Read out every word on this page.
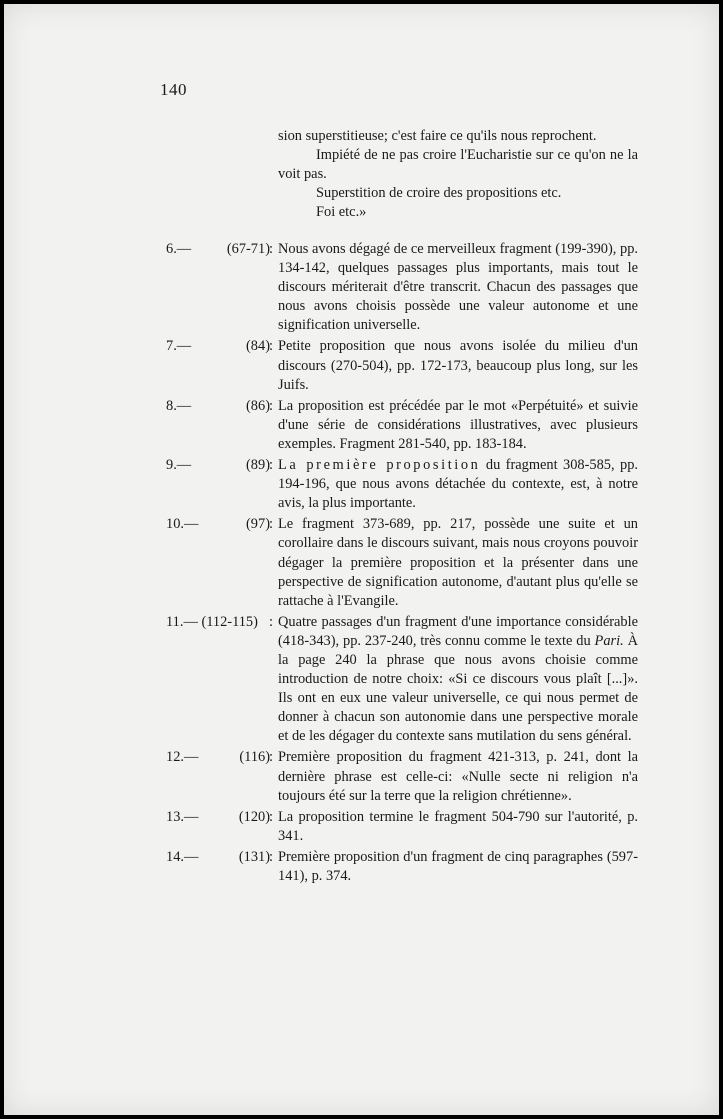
140

sion superstitieuse; c'est faire ce qu'ils nous reprochent.

Impiété de ne pas croire l'Eucharistie sur ce qu'on ne la voit pas.

Superstition de croire des propositions etc.

Foi etc.»

6.—	(67-71) : Nous avons dégagé de ce merveilleux fragment (199-390), pp. 134-142, quelques passages plus importants, mais tout le discours mériterait d'être transcrit. Chacun des passages que nous avons choisis possède une valeur autonome et une signification universelle.
7.—	(84) : Petite proposition que nous avons isolée du milieu d'un discours (270-504), pp. 172-173, beaucoup plus long, sur les Juifs.
8.—	(86) : La proposition est précédée par le mot «Perpétuité» et suivie d'une série de considérations illustratives, avec plusieurs exemples. Fragment 281-540, pp. 183-184.
9.—	(89) : La première proposition du fragment 308-585, pp. 194-196, que nous avons détachée du contexte, est, à notre avis, la plus importante.
10.—	(97) : Le fragment 373-689, pp. 217, possède une suite et un corollaire dans le discours suivant, mais nous croyons pouvoir dégager la première proposition et la présenter dans une perspective de signification autonome, d'autant plus qu'elle se rattache à l'Evangile.
11.— (112-115) : Quatre passages d'un fragment d'une importance considérable (418-343), pp. 237-240, très connu comme le texte du Pari. À la page 240 la phrase que nous avons choisie comme introduction de notre choix: «Si ce discours vous plaît [...]». Ils ont en eux une valeur universelle, ce qui nous permet de donner à chacun son autonomie dans une perspective morale et de les dégager du contexte sans mutilation du sens général.
12.—	(116) : Première proposition du fragment 421-313, p. 241, dont la dernière phrase est celle-ci: «Nulle secte ni religion n'a toujours été sur la terre que la religion chrétienne».
13.—	(120) : La proposition termine le fragment 504-790 sur l'autorité, p. 341.
14.—	(131) : Première proposition d'un fragment de cinq paragraphes (597-141), p. 374.
